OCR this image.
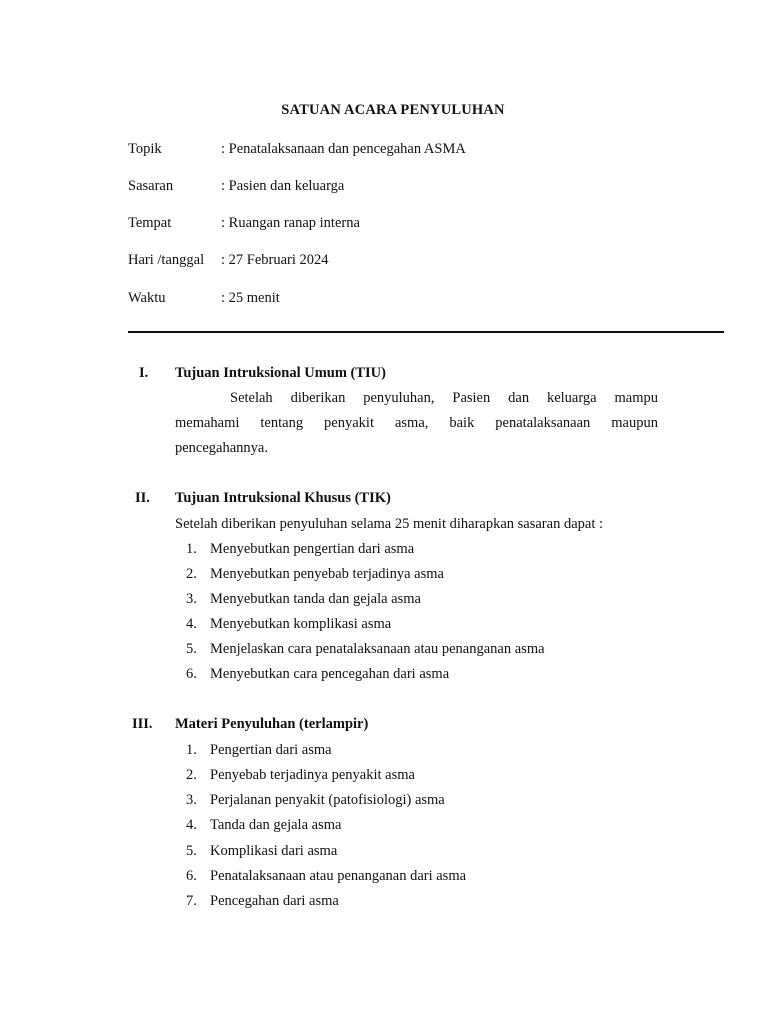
SATUAN ACARA PENYULUHAN
Topik	: Penatalaksanaan dan pencegahan ASMA
Sasaran	: Pasien dan keluarga
Tempat	: Ruangan ranap interna
Hari /tanggal : 27 Februari 2024
Waktu	: 25 menit
I. Tujuan Intruksional Umum (TIU)
Setelah diberikan penyuluhan, Pasien dan keluarga mampu
memahami tentang penyakit asma, baik penatalaksanaan maupun
pencegahannya.
II. Tujuan Intruksional Khusus (TIK)
Setelah diberikan penyuluhan selama 25 menit diharapkan sasaran dapat :
1. Menyebutkan pengertian dari asma
2. Menyebutkan penyebab terjadinya asma
3. Menyebutkan tanda dan gejala asma
4. Menyebutkan komplikasi asma
5. Menjelaskan cara penatalaksanaan atau penanganan asma
6. Menyebutkan cara pencegahan dari asma
III. Materi Penyuluhan (terlampir)
1. Pengertian dari asma
2. Penyebab terjadinya penyakit asma
3. Perjalanan penyakit (patofisiologi) asma
4. Tanda dan gejala asma
5. Komplikasi dari asma
6. Penatalaksanaan atau penanganan dari asma
7. Pencegahan dari asma
